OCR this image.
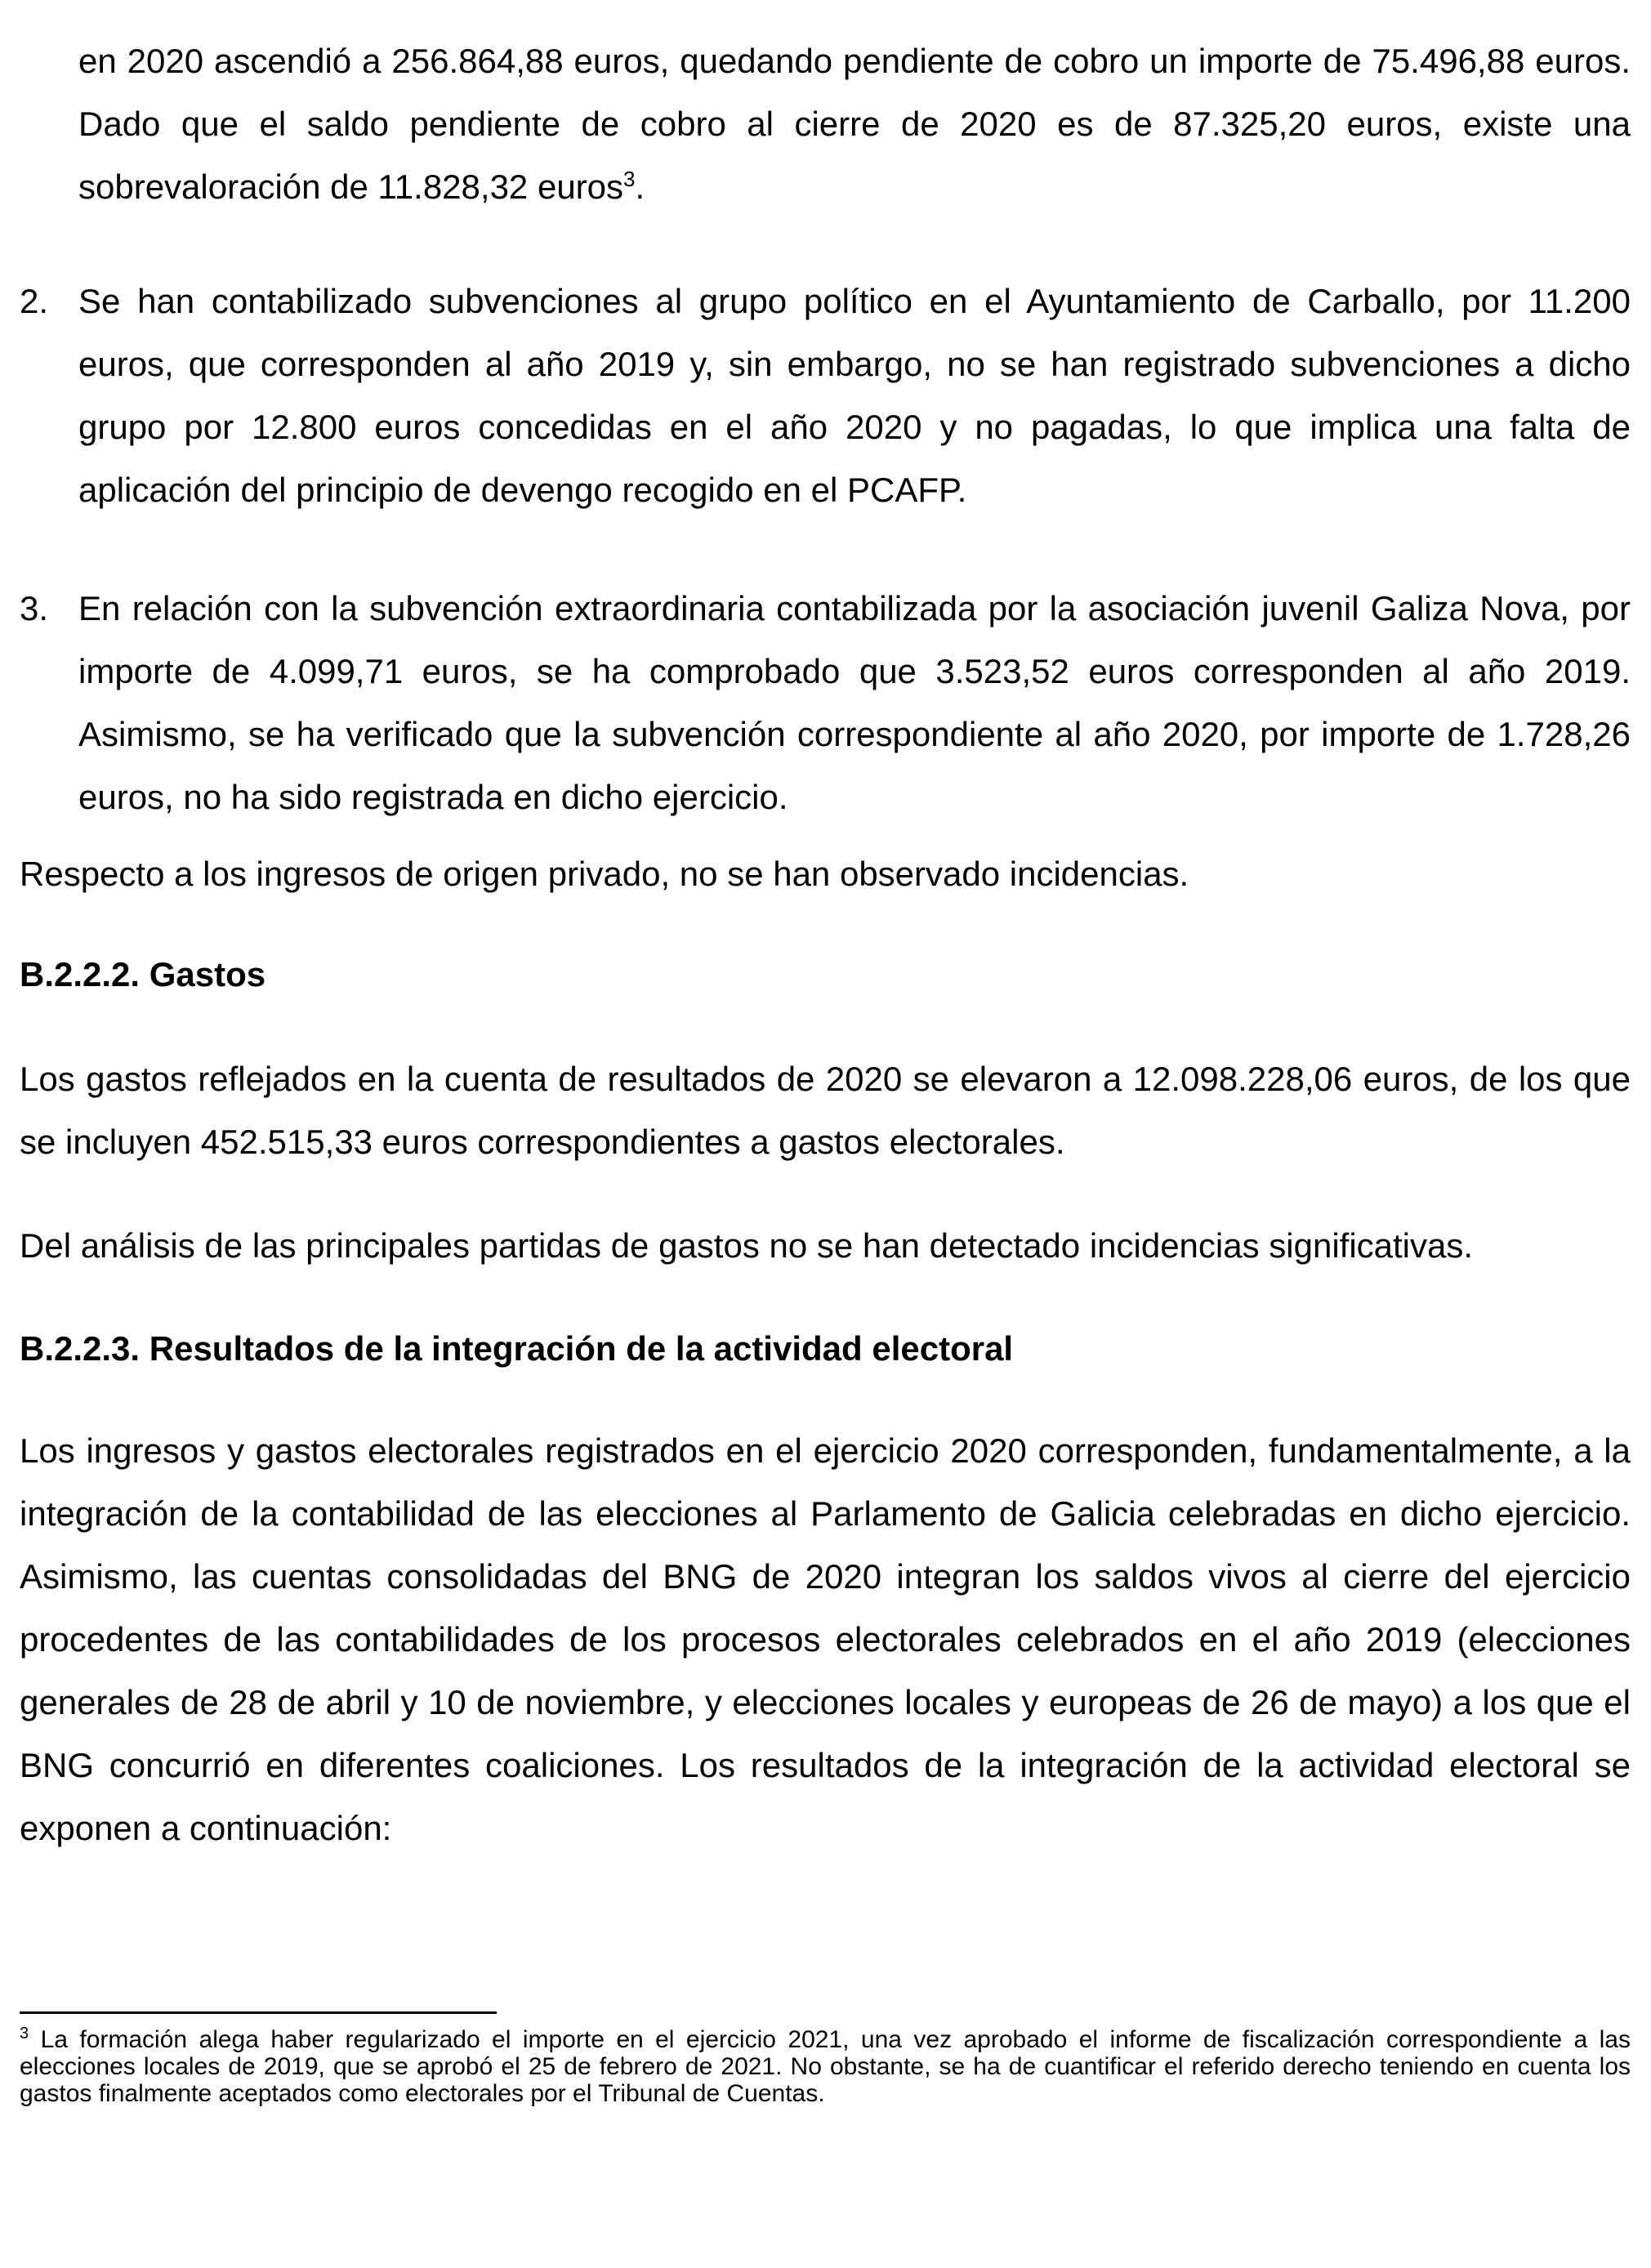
en 2020 ascendió a 256.864,88 euros, quedando pendiente de cobro un importe de 75.496,88 euros. Dado que el saldo pendiente de cobro al cierre de 2020 es de 87.325,20 euros, existe una sobrevaloración de 11.828,32 euros$^3$.

2. Se han contabilizado subvenciones al grupo político en el Ayuntamiento de Carballo, por 11.200 euros, que corresponden al año 2019 y, sin embargo, no se han registrado subvenciones a dicho grupo por 12.800 euros concedidas en el año 2020 y no pagadas, lo que implica una falta de aplicación del principio de devengo recogido en el PCAFP.

3. En relación con la subvención extraordinaria contabilizada por la asociación juvenil Galiza Nova, por importe de 4.099,71 euros, se ha comprobado que 3.523,52 euros corresponden al año 2019. Asimismo, se ha verificado que la subvención correspondiente al año 2020, por importe de 1.728,26 euros, no ha sido registrada en dicho ejercicio.

Respecto a los ingresos de origen privado, no se han observado incidencias.

B.2.2.2. Gastos

Los gastos reflejados en la cuenta de resultados de 2020 se elevaron a 12.098.228,06 euros, de los que se incluyen 452.515,33 euros correspondientes a gastos electorales.

Del análisis de las principales partidas de gastos no se han detectado incidencias significativas.

B.2.2.3. Resultados de la integración de la actividad electoral

Los ingresos y gastos electorales registrados en el ejercicio 2020 corresponden, fundamentalmente, a la integración de la contabilidad de las elecciones al Parlamento de Galicia celebradas en dicho ejercicio. Asimismo, las cuentas consolidadas del BNG de 2020 integran los saldos vivos al cierre del ejercicio procedentes de las contabilidades de los procesos electorales celebrados en el año 2019 (elecciones generales de 28 de abril y 10 de noviembre, y elecciones locales y europeas de 26 de mayo) a los que el BNG concurrió en diferentes coaliciones. Los resultados de la integración de la actividad electoral se exponen a continuación:

$^3$ La formación alega haber regularizado el importe en el ejercicio 2021, una vez aprobado el informe de fiscalización correspondiente a las elecciones locales de 2019, que se aprobó el 25 de febrero de 2021. No obstante, se ha de cuantificar el referido derecho teniendo en cuenta los gastos finalmente aceptados como electorales por el Tribunal de Cuentas.
